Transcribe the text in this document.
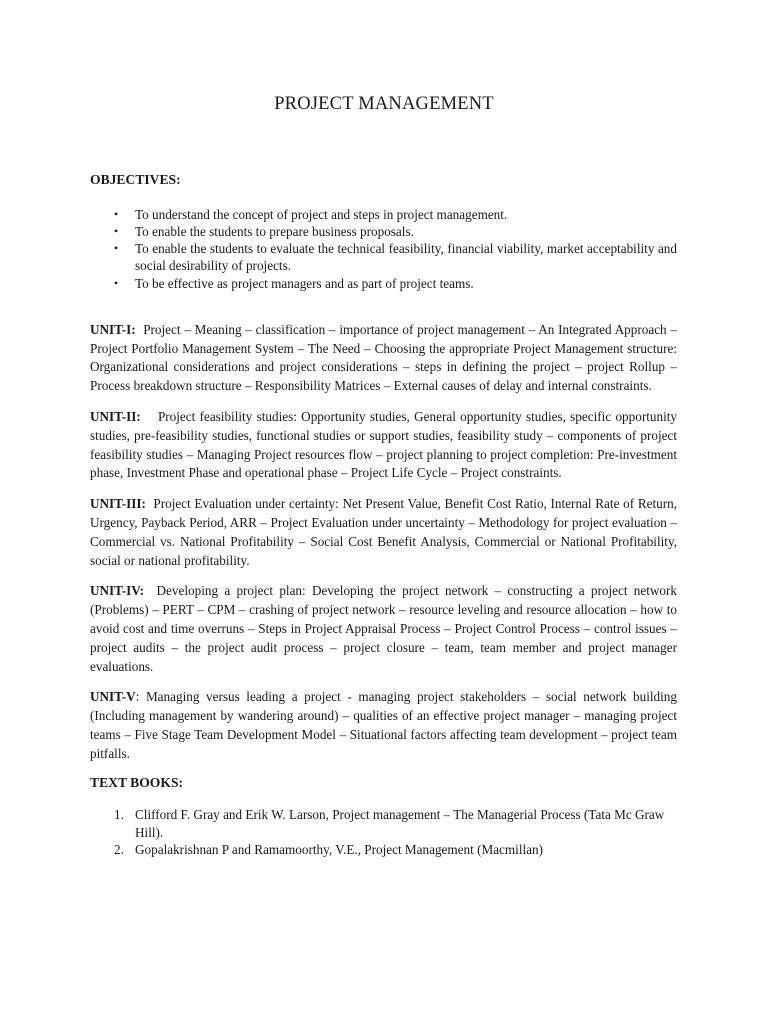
PROJECT MANAGEMENT

OBJECTIVES:

• To understand the concept of project and steps in project management.
• To enable the students to prepare business proposals.
• To enable the students to evaluate the technical feasibility, financial viability, market acceptability and social desirability of projects.
• To be effective as project managers and as part of project teams.

UNIT-I: Project – Meaning – classification – importance of project management – An Integrated Approach – Project Portfolio Management System – The Need – Choosing the appropriate Project Management structure: Organizational considerations and project considerations – steps in defining the project – project Rollup – Process breakdown structure – Responsibility Matrices – External causes of delay and internal constraints.

UNIT-II: Project feasibility studies: Opportunity studies, General opportunity studies, specific opportunity studies, pre-feasibility studies, functional studies or support studies, feasibility study – components of project feasibility studies – Managing Project resources flow – project planning to project completion: Pre-investment phase, Investment Phase and operational phase – Project Life Cycle – Project constraints.

UNIT-III: Project Evaluation under certainty: Net Present Value, Benefit Cost Ratio, Internal Rate of Return, Urgency, Payback Period, ARR – Project Evaluation under uncertainty – Methodology for project evaluation – Commercial vs. National Profitability – Social Cost Benefit Analysis, Commercial or National Profitability, social or national profitability.

UNIT-IV: Developing a project plan: Developing the project network – constructing a project network (Problems) – PERT – CPM – crashing of project network – resource leveling and resource allocation – how to avoid cost and time overruns – Steps in Project Appraisal Process – Project Control Process – control issues – project audits – the project audit process – project closure – team, team member and project manager evaluations.

UNIT-V: Managing versus leading a project - managing project stakeholders – social network building (Including management by wandering around) – qualities of an effective project manager – managing project teams – Five Stage Team Development Model – Situational factors affecting team development – project team pitfalls.

TEXT BOOKS:

1. Clifford F. Gray and Erik W. Larson, Project management – The Managerial Process (Tata Mc Graw Hill).
2. Gopalakrishnan P and Ramamoorthy, V.E., Project Management (Macmillan)
